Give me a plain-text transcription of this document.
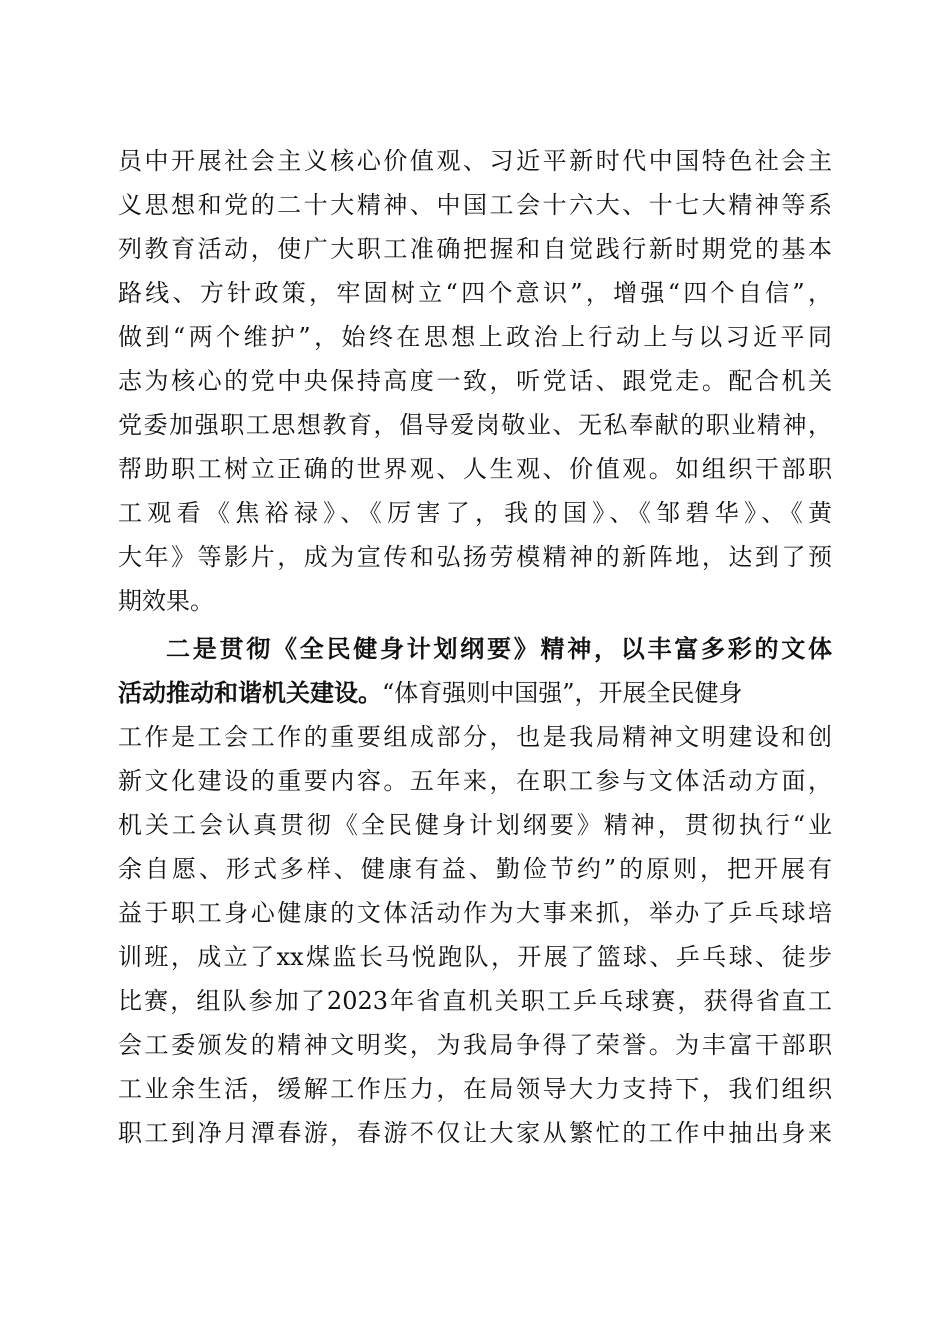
员中开展社会主义核心价值观、习近平新时代中国特色社会主
义思想和党的二十大精神、中国工会十六大、十七大精神等系
列教育活动，使广大职工准确把握和自觉践行新时期党的基本
路线、方针政策，牢固树立“四个意识”，增强“四个自信”，
做到“两个维护”，始终在思想上政治上行动上与以习近平同
志为核心的党中央保持高度一致，听党话、跟党走。配合机关
党委加强职工思想教育，倡导爱岗敬业、无私奉献的职业精神，
帮助职工树立正确的世界观、人生观、价值观。如组织干部职
工观看《焦裕禄》、《厉害了，我的国》、《邹碧华》、《黄
大年》等影片，成为宣传和弘扬劳模精神的新阵地，达到了预
期效果。
二是贯彻《全民健身计划纲要》精神，以丰富多彩的文体
活动推动和谐机关建设。“体育强则中国强”，开展全民健身
工作是工会工作的重要组成部分，也是我局精神文明建设和创
新文化建设的重要内容。五年来，在职工参与文体活动方面，
机关工会认真贯彻《全民健身计划纲要》精神，贯彻执行“业
余自愿、形式多样、健康有益、勤俭节约”的原则，把开展有
益于职工身心健康的文体活动作为大事来抓，举办了乒乓球培
训班，成立了xx煤监长马悦跑队，开展了篮球、乒乓球、徒步
比赛，组队参加了2023年省直机关职工乒乓球赛，获得省直工
会工委颁发的精神文明奖，为我局争得了荣誉。为丰富干部职
工业余生活，缓解工作压力，在局领导大力支持下，我们组织
职工到净月潭春游，春游不仅让大家从繁忙的工作中抽出身来
